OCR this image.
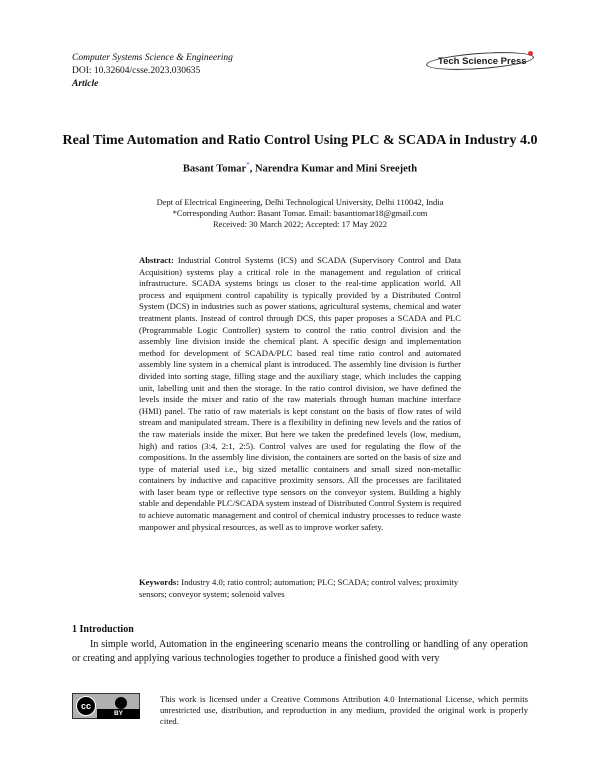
Computer Systems Science & Engineering
DOI: 10.32604/csse.2023.030635
Article
Tech Science Press
Real Time Automation and Ratio Control Using PLC & SCADA in Industry 4.0
Basant Tomar*, Narendra Kumar and Mini Sreejeth
Dept of Electrical Engineering, Delhi Technological University, Delhi 110042, India
*Corresponding Author: Basant Tomar. Email: basanttomar18@gmail.com
Received: 30 March 2022; Accepted: 17 May 2022
Abstract: Industrial Control Systems (ICS) and SCADA (Supervisory Control and Data Acquisition) systems play a critical role in the management and regulation of critical infrastructure. SCADA systems brings us closer to the real-time application world. All process and equipment control capability is typically provided by a Distributed Control System (DCS) in industries such as power stations, agricultural systems, chemical and water treatment plants. Instead of control through DCS, this paper proposes a SCADA and PLC (Programmable Logic Controller) system to control the ratio control division and the assembly line division inside the chemical plant. A specific design and implementation method for development of SCADA/PLC based real time ratio control and automated assembly line system in a chemical plant is introduced. The assembly line division is further divided into sorting stage, filling stage and the auxiliary stage, which includes the capping unit, labelling unit and then the storage. In the ratio control division, we have defined the levels inside the mixer and ratio of the raw materials through human machine interface (HMI) panel. The ratio of raw materials is kept constant on the basis of flow rates of wild stream and manipulated stream. There is a flexibility in defining new levels and the ratios of the raw materials inside the mixer. But here we taken the predefined levels (low, medium, high) and ratios (3:4, 2:1, 2:5). Control valves are used for regulating the flow of the compositions. In the assembly line division, the containers are sorted on the basis of size and type of material used i.e., big sized metallic containers and small sized non-metallic containers by inductive and capacitive proximity sensors. All the processes are facilitated with laser beam type or reflective type sensors on the conveyor system. Building a highly stable and dependable PLC/SCADA system instead of Distributed Control System is required to achieve automatic management and control of chemical industry processes to reduce waste manpower and physical resources, as well as to improve worker safety.
Keywords: Industry 4.0; ratio control; automation; PLC; SCADA; control valves; proximity sensors; conveyor system; solenoid valves
1 Introduction
In simple world, Automation in the engineering scenario means the controlling or handling of any operation or creating and applying various technologies together to produce a finished good with very
cc
BY
This work is licensed under a Creative Commons Attribution 4.0 International License, which permits unrestricted use, distribution, and reproduction in any medium, provided the original work is properly cited.
